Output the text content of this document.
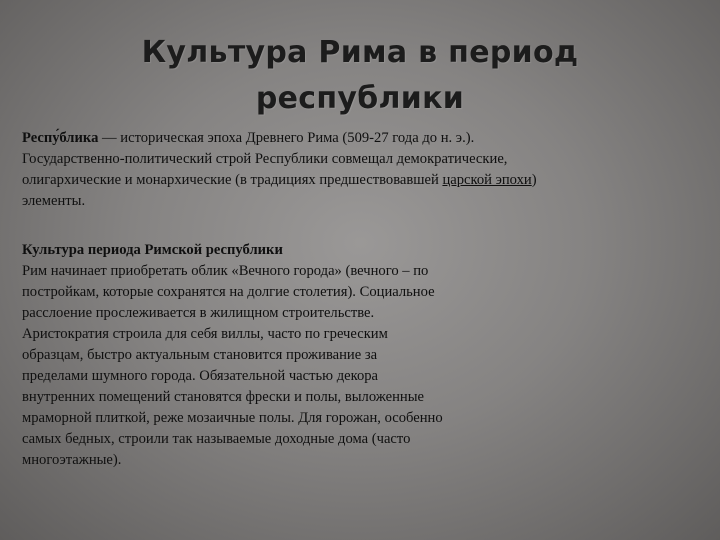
Культура Рима в период
республики
Респу́блика — историческая эпоха Древнего Рима (509-27 года до н. э.).
Государственно-политический строй Республики совмещал демократические,
олигархические и монархические (в традициях предшествовавшей царской эпохи)
элементы.
Культура периода Римской республики
Рим начинает приобретать облик «Вечного города» (вечного – по
постройкам, которые сохранятся на долгие столетия). Социальное
расслоение прослеживается в жилищном строительстве.
Аристократия строила для себя виллы, часто по греческим
образцам, быстро актуальным становится проживание за
пределами шумного города. Обязательной частью декора
внутренних помещений становятся фрески и полы, выложенные
мраморной плиткой, реже мозаичные полы. Для горожан, особенно
самых бедных, строили так называемые доходные дома (часто
многоэтажные).
